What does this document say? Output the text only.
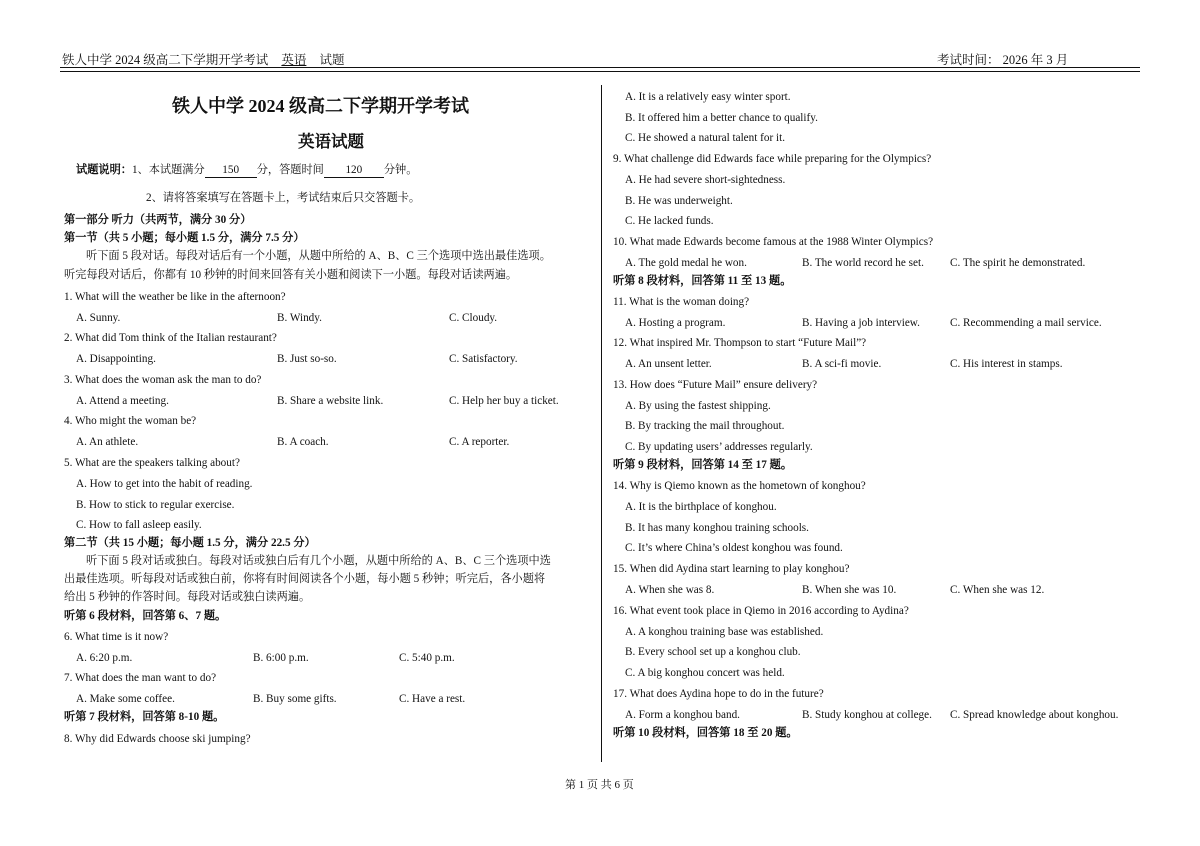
铁人中学 2024 级高二下学期开学考试 英语 试题	考试时间： 2026 年 3 月
铁人中学 2024 级高二下学期开学考试
英语试题
试题说明：1、本试题满分 150 分，答题时间 120 分钟。
2、请将答案填写在答题卡上，考试结束后只交答题卡。
第一部分 听力（共两节，满分 30 分）
第一节（共 5 小题；每小题 1.5 分，满分 7.5 分）
听下面 5 段对话。每段对话后有一个小题，从题中所给的 A、B、C 三个选项中选出最佳选项。
听完每段对话后，你都有 10 秒钟的时间来回答有关小题和阅读下一小题。每段对话读两遍。
1. What will the weather be like in the afternoon?
A. Sunny.	B. Windy.	C. Cloudy.
2. What did Tom think of the Italian restaurant?
A. Disappointing.	B. Just so-so.	C. Satisfactory.
3. What does the woman ask the man to do?
A. Attend a meeting.	B. Share a website link.	C. Help her buy a ticket.
4. Who might the woman be?
A. An athlete.	B. A coach.	C. A reporter.
5. What are the speakers talking about?
A. How to get into the habit of reading.
B. How to stick to regular exercise.
C. How to fall asleep easily.
第二节（共 15 小题；每小题 1.5 分，满分 22.5 分）
听下面 5 段对话或独白。每段对话或独白后有几个小题，从题中所给的 A、B、C 三个选项中选
出最佳选项。听每段对话或独白前，你将有时间阅读各个小题，每小题 5 秒钟；听完后，各小题将
给出 5 秒钟的作答时间。每段对话或独白读两遍。
听第 6 段材料，回答第 6、7 题。
6. What time is it now?
A. 6:20 p.m.	B. 6:00 p.m.	C. 5:40 p.m.
7. What does the man want to do?
A. Make some coffee.	B. Buy some gifts.	C. Have a rest.
听第 7 段材料，回答第 8-10 题。
8. Why did Edwards choose ski jumping?
A. It is a relatively easy winter sport.
B. It offered him a better chance to qualify.
C. He showed a natural talent for it.
9. What challenge did Edwards face while preparing for the Olympics?
A. He had severe short-sightedness.
B. He was underweight.
C. He lacked funds.
10. What made Edwards become famous at the 1988 Winter Olympics?
A. The gold medal he won.	B. The world record he set. C. The spirit he demonstrated.
听第 8 段材料，回答第 11 至 13 题。
11. What is the woman doing?
A. Hosting a program.	B. Having a job interview.	C. Recommending a mail service.
12. What inspired Mr. Thompson to start “Future Mail”?
A. An unsent letter.	B. A sci-fi movie.	C. His interest in stamps.
13. How does “Future Mail” ensure delivery?
A. By using the fastest shipping.
B. By tracking the mail throughout.
C. By updating users’ addresses regularly.
听第 9 段材料，回答第 14 至 17 题。
14. Why is Qiemo known as the hometown of konghou?
A. It is the birthplace of konghou.
B. It has many konghou training schools.
C. It’s where China’s oldest konghou was found.
15. When did Aydina start learning to play konghou?
A. When she was 8.	B. When she was 10.	C. When she was 12.
16. What event took place in Qiemo in 2016 according to Aydina?
A. A konghou training base was established.
B. Every school set up a konghou club.
C. A big konghou concert was held.
17. What does Aydina hope to do in the future?
A. Form a konghou band.	B. Study konghou at college. C. Spread knowledge about konghou.
听第 10 段材料，回答第 18 至 20 题。
第 1 页 共 6 页
